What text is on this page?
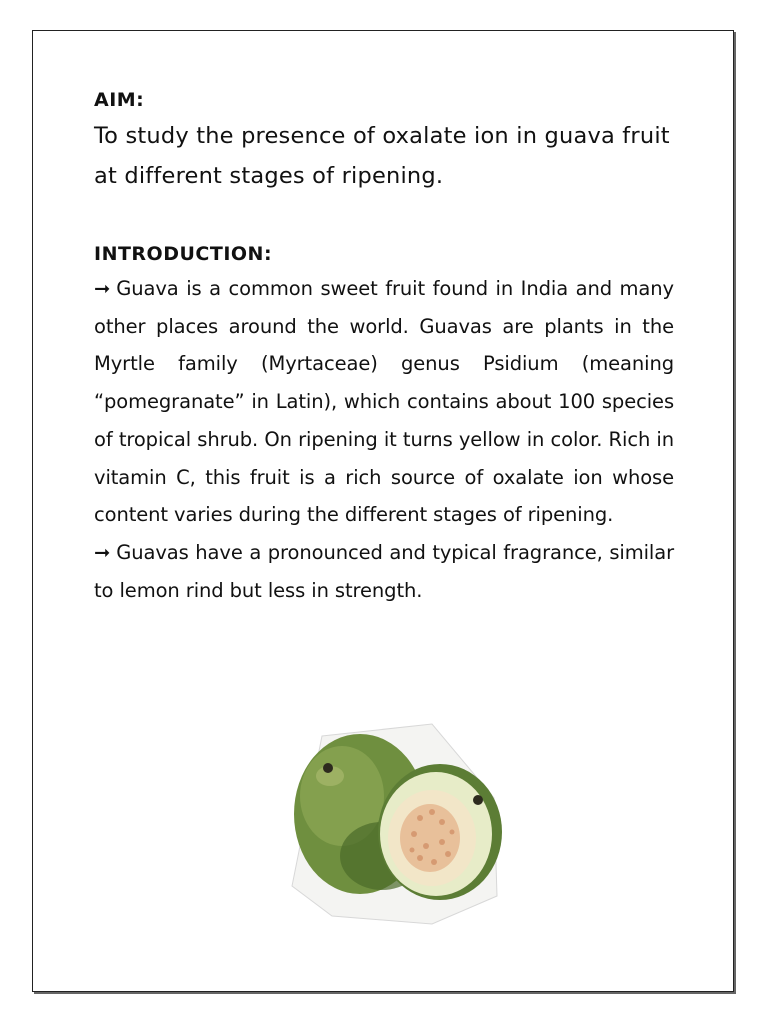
AIM:

To study the presence of oxalate ion in guava fruit at different stages of ripening.

INTRODUCTION:

➞ Guava is a common sweet fruit found in India and many other places around the world. Guavas are plants in the Myrtle family (Myrtaceae) genus Psidium (meaning “pomegranate” in Latin), which contains about 100 species of tropical shrub. On ripening it turns yellow in color. Rich in vitamin C, this fruit is a rich source of oxalate ion whose content varies during the different stages of ripening.

➞ Guavas have a pronounced and typical fragrance, similar to lemon rind but less in strength.
